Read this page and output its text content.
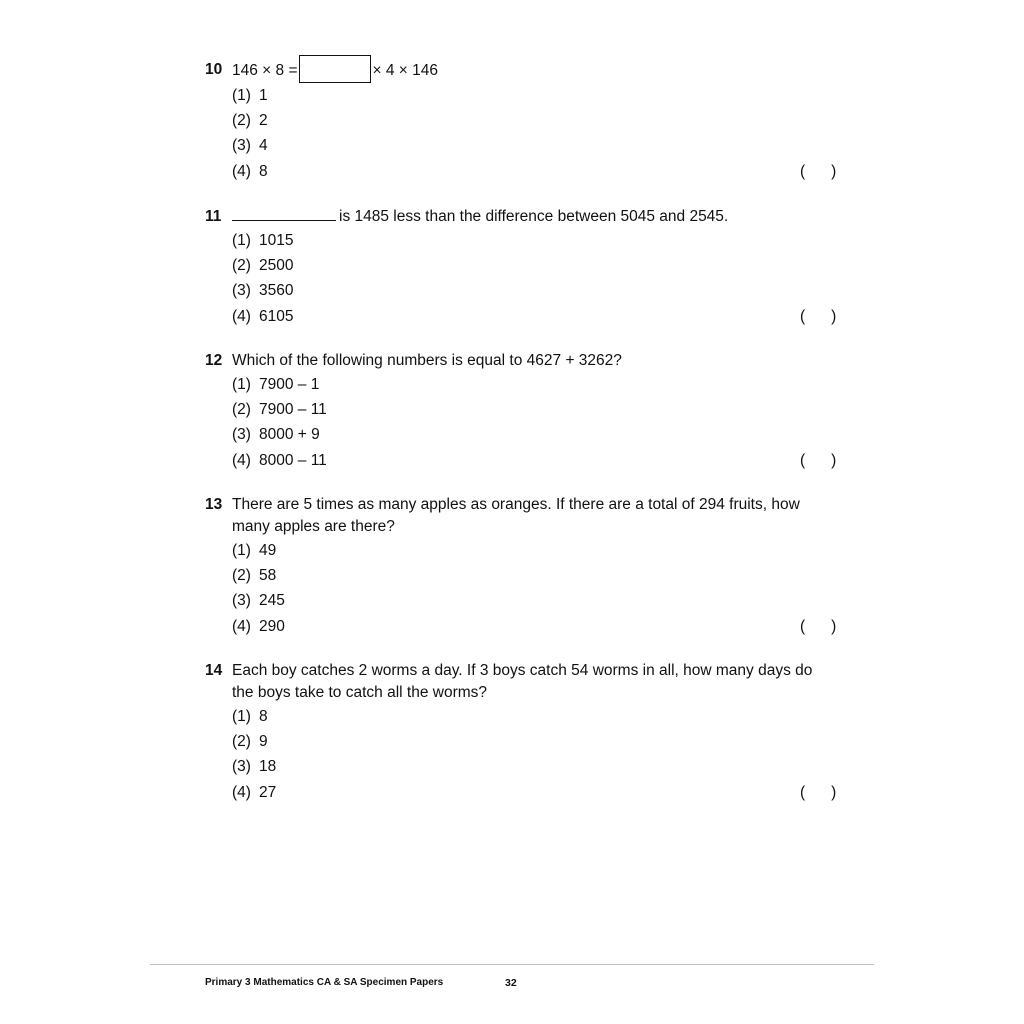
10 146 × 8 =	× 4 × 146
(1) 1
(2) 2
(3) 4
(4) 8	( )
11	is 1485 less than the difference between 5045 and 2545.
(1) 1015
(2) 2500
(3) 3560
(4) 6105	( )
12 Which of the following numbers is equal to 4627 + 3262?
(1) 7900 – 1
(2) 7900 – 11
(3) 8000 + 9
(4) 8000 – 11	( )
13 There are 5 times as many apples as oranges. If there are a total of 294 fruits, how many apples are there?
(1) 49
(2) 58
(3) 245
(4) 290	( )
14 Each boy catches 2 worms a day. If 3 boys catch 54 worms in all, how many days do the boys take to catch all the worms?
(1) 8
(2) 9
(3) 18
(4) 27	( )
Primary 3 Mathematics CA & SA Specimen Papers	32
